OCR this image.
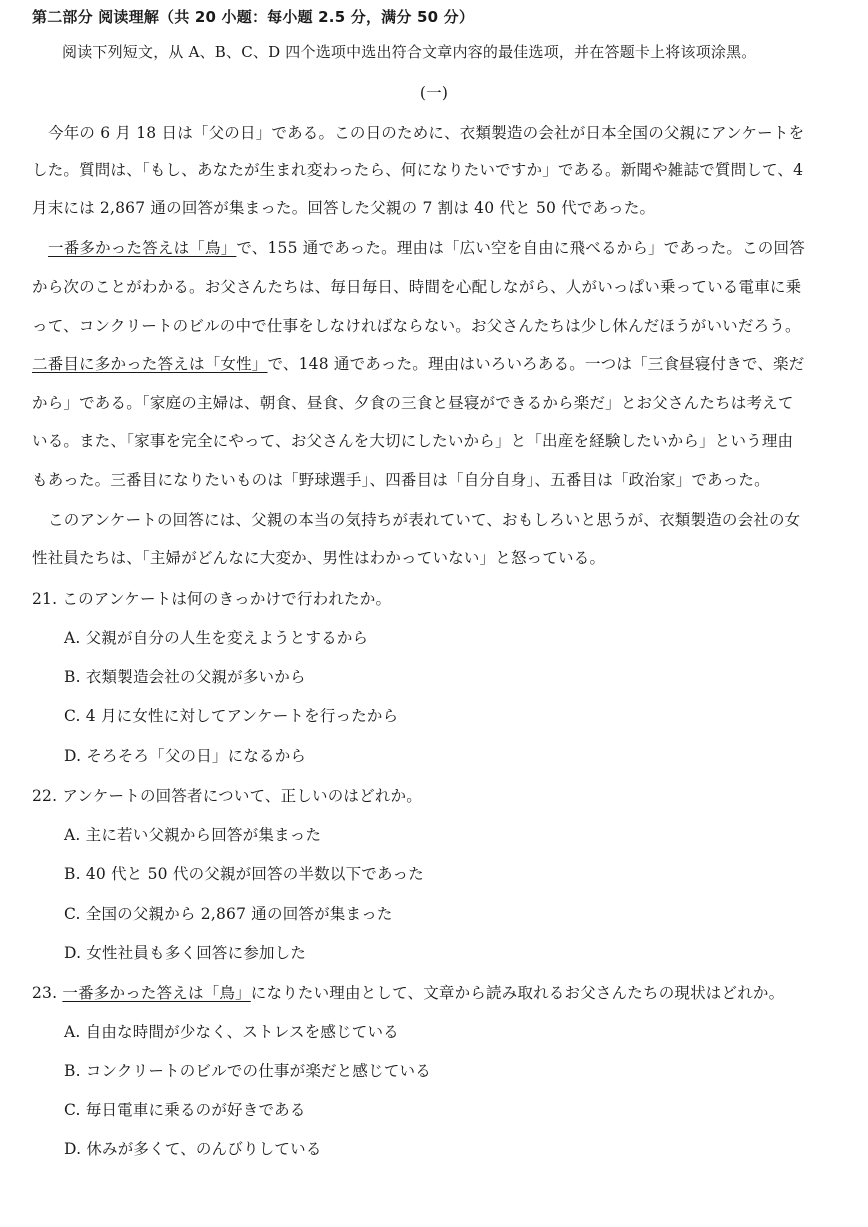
第二部分 阅读理解（共 20 小题：每小题 2.5 分，满分 50 分）
阅读下列短文，从 A、B、C、D 四个选项中选出符合文章内容的最佳选项，并在答题卡上将该项涂黑。
(一)
今年の 6 月 18 日は「父の日」である。この日のために、衣類製造の会社が日本全国の父親にアンケートを
した。質問は、「もし、あなたが生まれ変わったら、何になりたいですか」である。新聞や雑誌で質問して、4
月末には 2,867 通の回答が集まった。回答した父親の 7 割は 40 代と 50 代であった。
一番多かった答えは「鳥」で、155 通であった。理由は「広い空を自由に飛べるから」であった。この回答
から次のことがわかる。お父さんたちは、毎日毎日、時間を心配しながら、人がいっぱい乗っている電車に乗
って、コンクリートのビルの中で仕事をしなければならない。お父さんたちは少し休んだほうがいいだろう。
二番目に多かった答えは「女性」で、148 通であった。理由はいろいろある。一つは「三食昼寝付きで、楽だ
から」である。「家庭の主婦は、朝食、昼食、夕食の三食と昼寝ができるから楽だ」とお父さんたちは考えて
いる。また、「家事を完全にやって、お父さんを大切にしたいから」と「出産を経験したいから」という理由
もあった。三番目になりたいものは「野球選手」、四番目は「自分自身」、五番目は「政治家」であった。
このアンケートの回答には、父親の本当の気持ちが表れていて、おもしろいと思うが、衣類製造の会社の女
性社員たちは、「主婦がどんなに大変か、男性はわかっていない」と怒っている。
21. このアンケートは何のきっかけで行われたか。
A. 父親が自分の人生を変えようとするから
B. 衣類製造会社の父親が多いから
C. 4 月に女性に対してアンケートを行ったから
D. そろそろ「父の日」になるから
22. アンケートの回答者について、正しいのはどれか。
A. 主に若い父親から回答が集まった
B. 40 代と 50 代の父親が回答の半数以下であった
C. 全国の父親から 2,867 通の回答が集まった
D. 女性社員も多く回答に参加した
23. 一番多かった答えは「鳥」になりたい理由として、文章から読み取れるお父さんたちの現状はどれか。
A. 自由な時間が少なく、ストレスを感じている
B. コンクリートのビルでの仕事が楽だと感じている
C. 毎日電車に乗るのが好きである
D. 休みが多くて、のんびりしている
